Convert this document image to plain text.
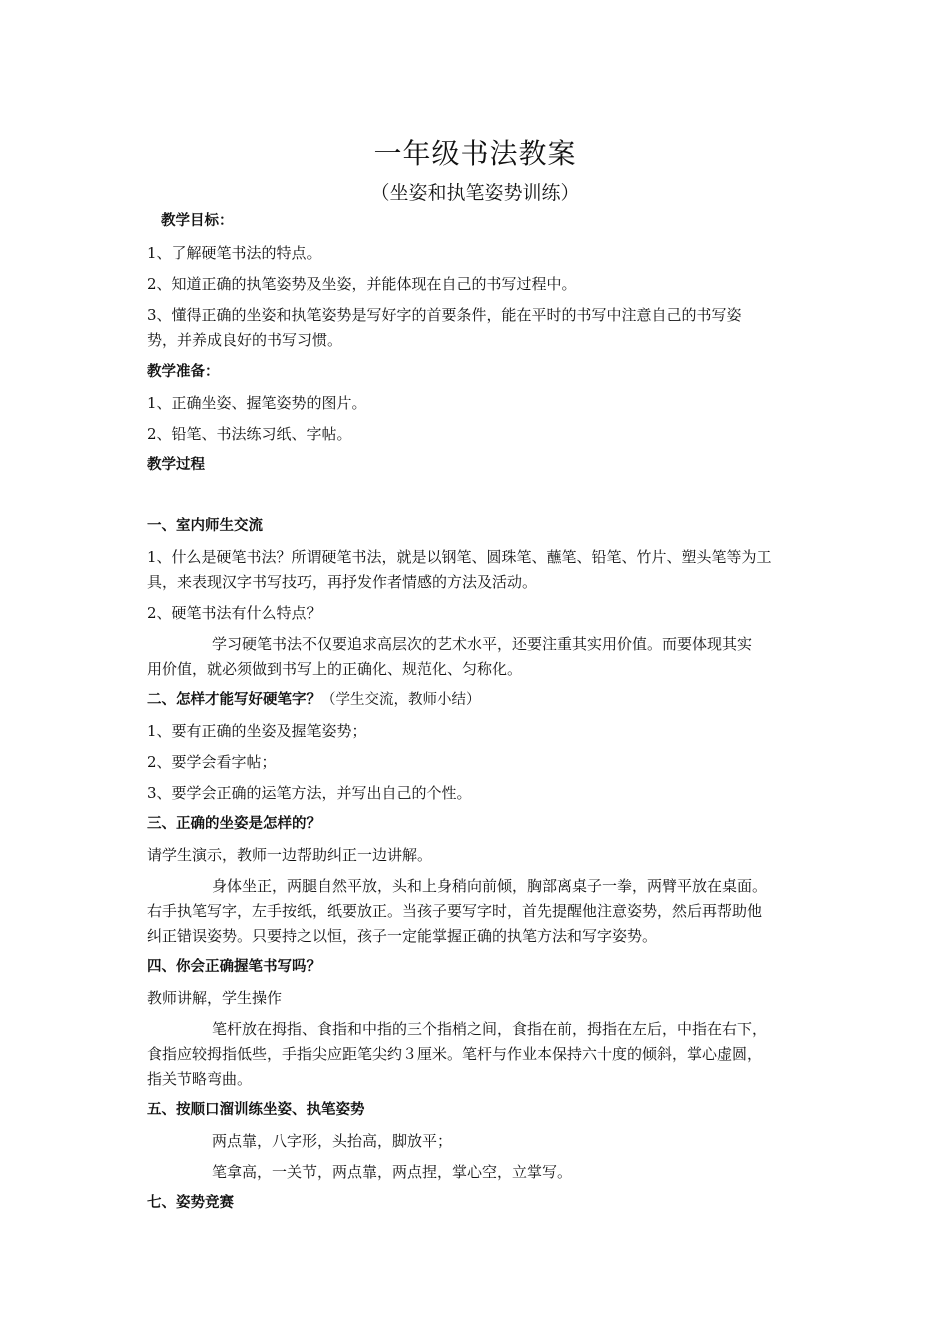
一年级书法教案
（坐姿和执笔姿势训练）
教学目标：
1、了解硬笔书法的特点。
2、知道正确的执笔姿势及坐姿，并能体现在自己的书写过程中。
3、懂得正确的坐姿和执笔姿势是写好字的首要条件，能在平时的书写中注意自己的书写姿
势，并养成良好的书写习惯。
教学准备：
1、正确坐姿、握笔姿势的图片。
2、铅笔、书法练习纸、字帖。
教学过程
一、室内师生交流
1、什么是硬笔书法？所谓硬笔书法，就是以钢笔、圆珠笔、蘸笔、铅笔、竹片、塑头笔等为工
具，来表现汉字书写技巧，再抒发作者情感的方法及活动。
2、硬笔书法有什么特点？
学习硬笔书法不仅要追求高层次的艺术水平，还要注重其实用价值。而要体现其实
用价值，就必须做到书写上的正确化、规范化、匀称化。
二、怎样才能写好硬笔字？（学生交流，教师小结）
1、要有正确的坐姿及握笔姿势；
2、要学会看字帖；
3、要学会正确的运笔方法，并写出自己的个性。
三、正确的坐姿是怎样的？
请学生演示，教师一边帮助纠正一边讲解。
身体坐正，两腿自然平放，头和上身稍向前倾，胸部离桌子一拳，两臂平放在桌面。
右手执笔写字，左手按纸，纸要放正。当孩子要写字时，首先提醒他注意姿势，然后再帮助他
纠正错误姿势。只要持之以恒，孩子一定能掌握正确的执笔方法和写字姿势。
四、你会正确握笔书写吗？
教师讲解，学生操作
笔杆放在拇指、食指和中指的三个指梢之间，食指在前，拇指在左后，中指在右下，
食指应较拇指低些，手指尖应距笔尖约３厘米。笔杆与作业本保持六十度的倾斜，掌心虚圆，
指关节略弯曲。
五、按顺口溜训练坐姿、执笔姿势
两点靠，八字形，头抬高，脚放平；
笔拿高，一关节，两点靠，两点捏，掌心空，立掌写。
七、姿势竞赛
